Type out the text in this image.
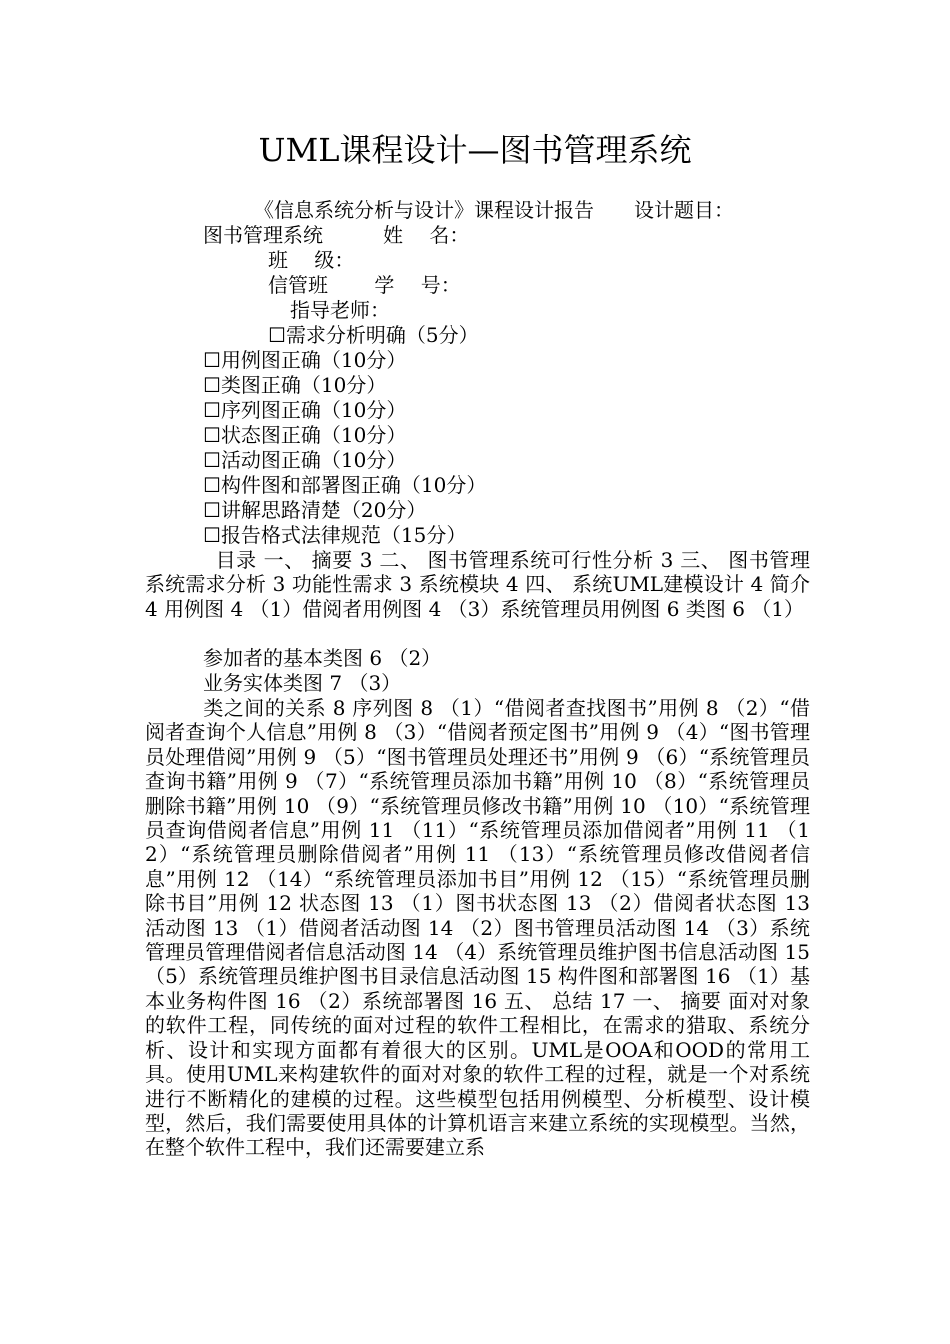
UML课程设计—图书管理系统
《信息系统分析与设计》课程设计报告　　设计题目：
图书管理系统　　　姓　 名：
班　 级：
信管班　　 学　 号：
指导老师：
☐需求分析明确（5分）
☐用例图正确（10分）
☐类图正确（10分）
☐序列图正确（10分）
☐状态图正确（10分）
☐活动图正确（10分）
☐构件图和部署图正确（10分）
☐讲解思路清楚（20分）
☐报告格式法律规范（15分）
目录 一、 摘要 3 二、 图书管理系统可行性分析 3 三、 图书管理系统需求分析 3 功能性需求 3 系统模块 4 四、 系统UML建模设计 4 简介 4 用例图 4 （1）借阅者用例图 4 （3）系统管理员用例图 6 类图 6 （1）
参加者的基本类图 6 （2）
业务实体类图 7 （3）
类之间的关系 8 序列图 8 （1）“借阅者查找图书”用例 8 （2）“借阅者查询个人信息”用例 8 （3）“借阅者预定图书”用例 9 （4）“图书管理员处理借阅”用例 9 （5）“图书管理员处理还书”用例 9 （6）“系统管理员查询书籍”用例 9 （7）“系统管理员添加书籍”用例 10 （8）“系统管理员删除书籍”用例 10 （9）“系统管理员修改书籍”用例 10 （10）“系统管理员查询借阅者信息”用例 11 （11）“系统管理员添加借阅者”用例 11 （12）“系统管理员删除借阅者”用例 11 （13）“系统管理员修改借阅者信息”用例 12 （14）“系统管理员添加书目”用例 12 （15）“系统管理员删除书目”用例 12 状态图 13 （1）图书状态图 13 （2）借阅者状态图 13 活动图 13 （1）借阅者活动图 14 （2）图书管理员活动图 14 （3）系统管理员管理借阅者信息活动图 14 （4）系统管理员维护图书信息活动图 15 （5）系统管理员维护图书目录信息活动图 15 构件图和部署图 16 （1）基本业务构件图 16 （2）系统部署图 16 五、 总结 17 一、 摘要 面对对象的软件工程，同传统的面对过程的软件工程相比，在需求的猎取、系统分析、设计和实现方面都有着很大的区别。UML是OOA和OOD的常用工具。使用UML来构建软件的面对对象的软件工程的过程，就是一个对系统进行不断精化的建模的过程。这些模型包括用例模型、分析模型、设计模型，然后，我们需要使用具体的计算机语言来建立系统的实现模型。当然，在整个软件工程中，我们还需要建立系
